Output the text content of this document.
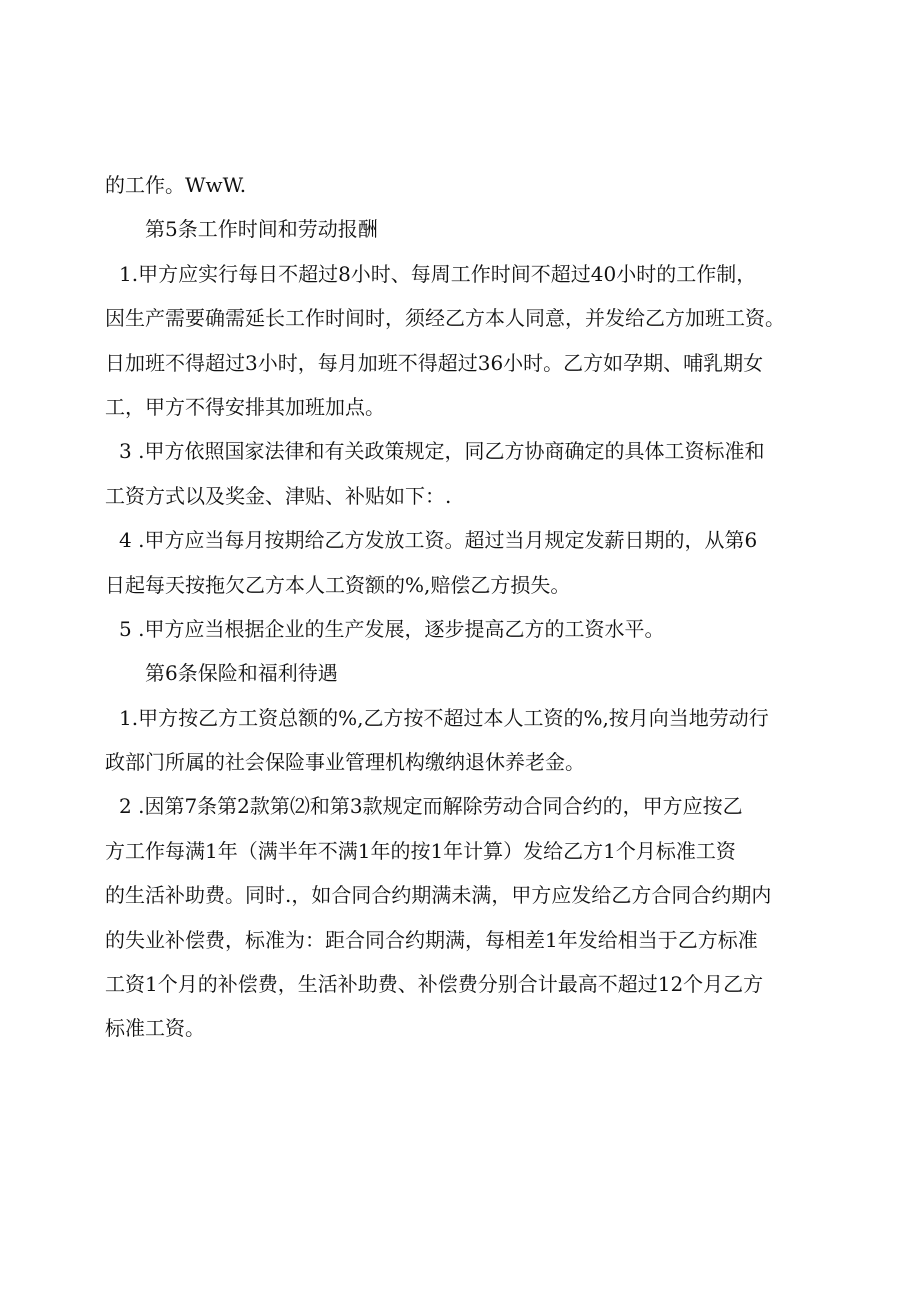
的工作。WwW.
第5条工作时间和劳动报酬
1.甲方应实行每日不超过8小时、每周工作时间不超过40小时的工作制，
因生产需要确需延长工作时间时，须经乙方本人同意，并发给乙方加班工资。
日加班不得超过3小时，每月加班不得超过36小时。乙方如孕期、哺乳期女
工，甲方不得安排其加班加点。
3 .甲方依照国家法律和有关政策规定，同乙方协商确定的具体工资标准和
工资方式以及奖金、津贴、补贴如下：.
4 .甲方应当每月按期给乙方发放工资。超过当月规定发薪日期的，从第6
日起每天按拖欠乙方本人工资额的%,赔偿乙方损失。
5 .甲方应当根据企业的生产发展，逐步提高乙方的工资水平。
第6条保险和福利待遇
1.甲方按乙方工资总额的%,乙方按不超过本人工资的%,按月向当地劳动行
政部门所属的社会保险事业管理机构缴纳退休养老金。
2 .因第7条第2款第⑵和第3款规定而解除劳动合同合约的，甲方应按乙
方工作每满1年（满半年不满1年的按1年计算）发给乙方1个月标准工资
的生活补助费。同时.，如合同合约期满未满，甲方应发给乙方合同合约期内
的失业补偿费，标准为：距合同合约期满，每相差1年发给相当于乙方标准
工资1个月的补偿费，生活补助费、补偿费分别合计最高不超过12个月乙方
标准工资。
